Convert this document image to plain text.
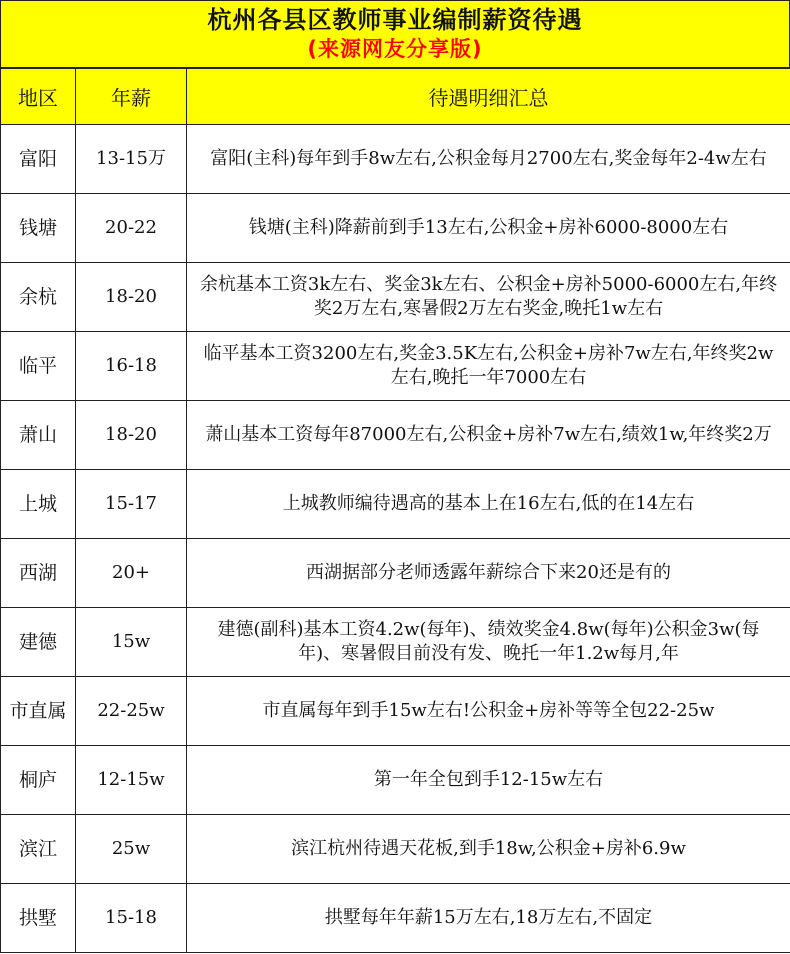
杭州各县区教师事业编制薪资待遇
(来源网友分享版)
地区	年薪	待遇明细汇总
富阳	13-15万	富阳(主科)每年到手8w左右,公积金每月2700左右,奖金每年2-4w左右
钱塘	20-22	钱塘(主科)降薪前到手13左右,公积金+房补6000-8000左右
余杭	18-20	余杭基本工资3k左右、奖金3k左右、公积金+房补5000-6000左右,年终奖2万左右,寒暑假2万左右奖金,晚托1w左右
临平	16-18	临平基本工资3200左右,奖金3.5K左右,公积金+房补7w左右,年终奖2w左右,晚托一年7000左右
萧山	18-20	萧山基本工资每年87000左右,公积金+房补7w左右,绩效1w,年终奖2万
上城	15-17	上城教师编待遇高的基本上在16左右,低的在14左右
西湖	20+	西湖据部分老师透露年薪综合下来20还是有的
建德	15w	建德(副科)基本工资4.2w(每年)、绩效奖金4.8w(每年)公积金3w(每年)、寒暑假目前没有发、晚托一年1.2w每月,年
市直属	22-25w	市直属每年到手15w左右!公积金+房补等等全包22-25w
桐庐	12-15w	第一年全包到手12-15w左右
滨江	25w	滨江杭州待遇天花板,到手18w,公积金+房补6.9w
拱墅	15-18	拱墅每年年薪15万左右,18万左右,不固定
